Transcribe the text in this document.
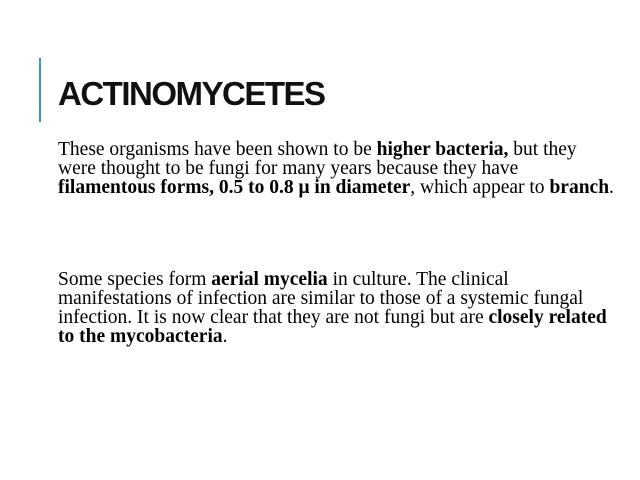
ACTINOMYCETES

These organisms have been shown to be higher bacteria, but they were thought to be fungi for many years because they have filamentous forms, 0.5 to 0.8 μ in diameter, which appear to branch.

Some species form aerial mycelia in culture. The clinical manifestations of infection are similar to those of a systemic fungal infection. It is now clear that they are not fungi but are closely related to the mycobacteria.
